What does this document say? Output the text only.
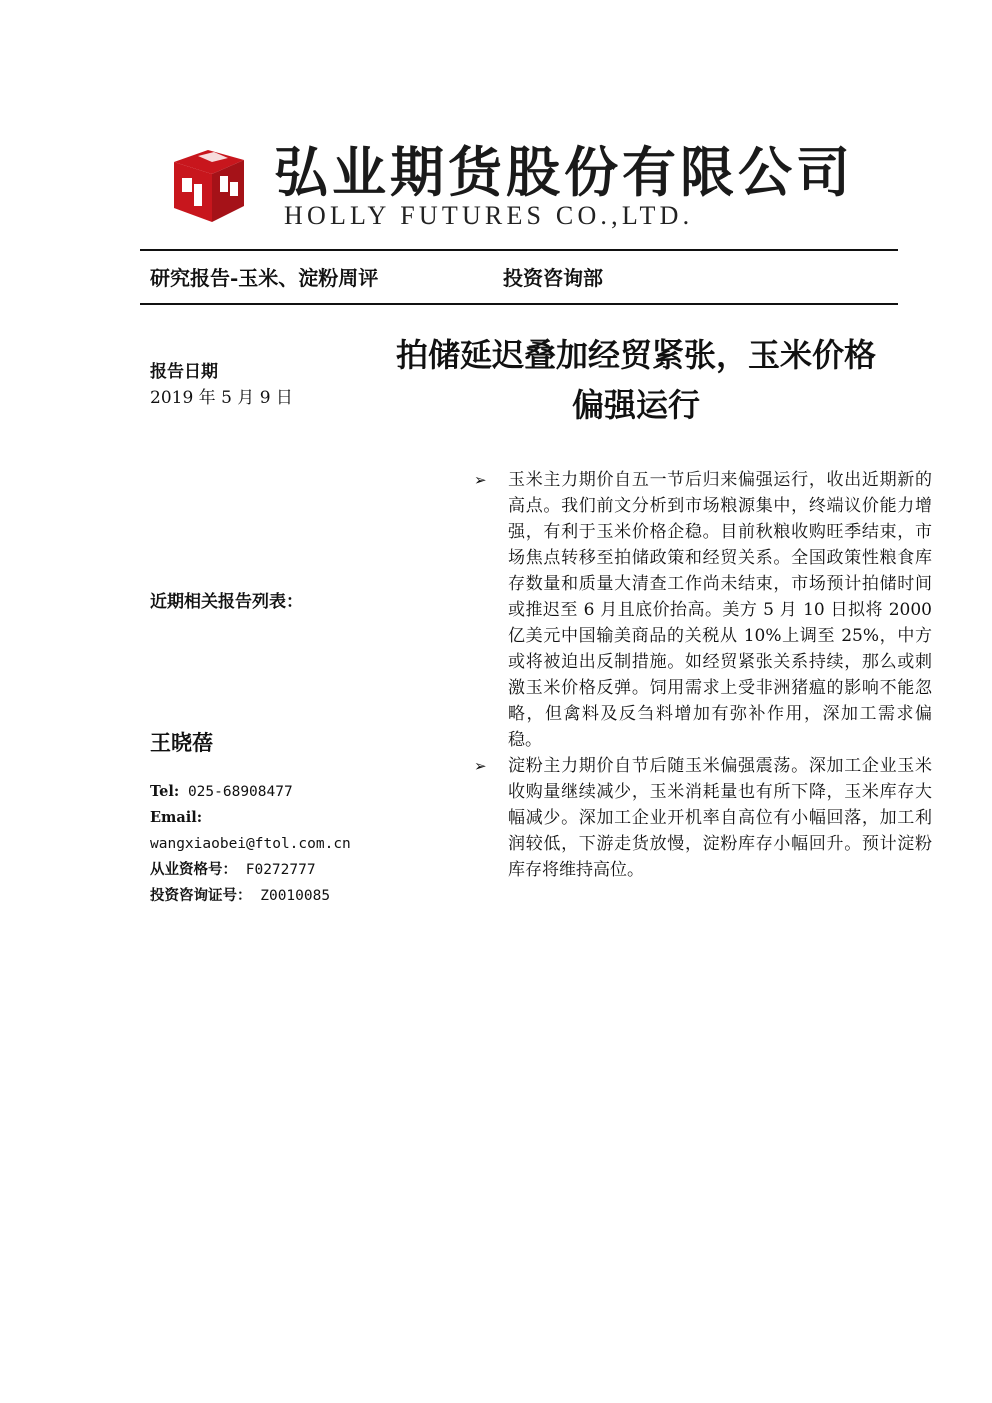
弘业期货股份有限公司
HOLLY FUTURES CO.,LTD.
研究报告-玉米、淀粉周评	投资咨询部
拍储延迟叠加经贸紧张，玉米价格
偏强运行
报告日期
2019 年 5 月 9 日
近期相关报告列表：
王晓蓓
Tel: 025-68908477
Email:
wangxiaobei@ftol.com.cn
从业资格号： F0272777
投资咨询证号： Z0010085
➢ 玉米主力期价自五一节后归来偏强运行，收出近期新的高点。我们前文分析到市场粮源集中，终端议价能力增强，有利于玉米价格企稳。目前秋粮收购旺季结束，市场焦点转移至拍储政策和经贸关系。全国政策性粮食库存数量和质量大清查工作尚未结束，市场预计拍储时间或推迟至 6 月且底价抬高。美方 5 月 10 日拟将 2000 亿美元中国输美商品的关税从 10%上调至 25%，中方或将被迫出反制措施。如经贸紧张关系持续，那么或刺激玉米价格反弹。饲用需求上受非洲猪瘟的影响不能忽略，但禽料及反刍料增加有弥补作用，深加工需求偏稳。
➢ 淀粉主力期价自节后随玉米偏强震荡。深加工企业玉米收购量继续减少，玉米消耗量也有所下降，玉米库存大幅减少。深加工企业开机率自高位有小幅回落，加工利润较低，下游走货放慢，淀粉库存小幅回升。预计淀粉库存将维持高位。
